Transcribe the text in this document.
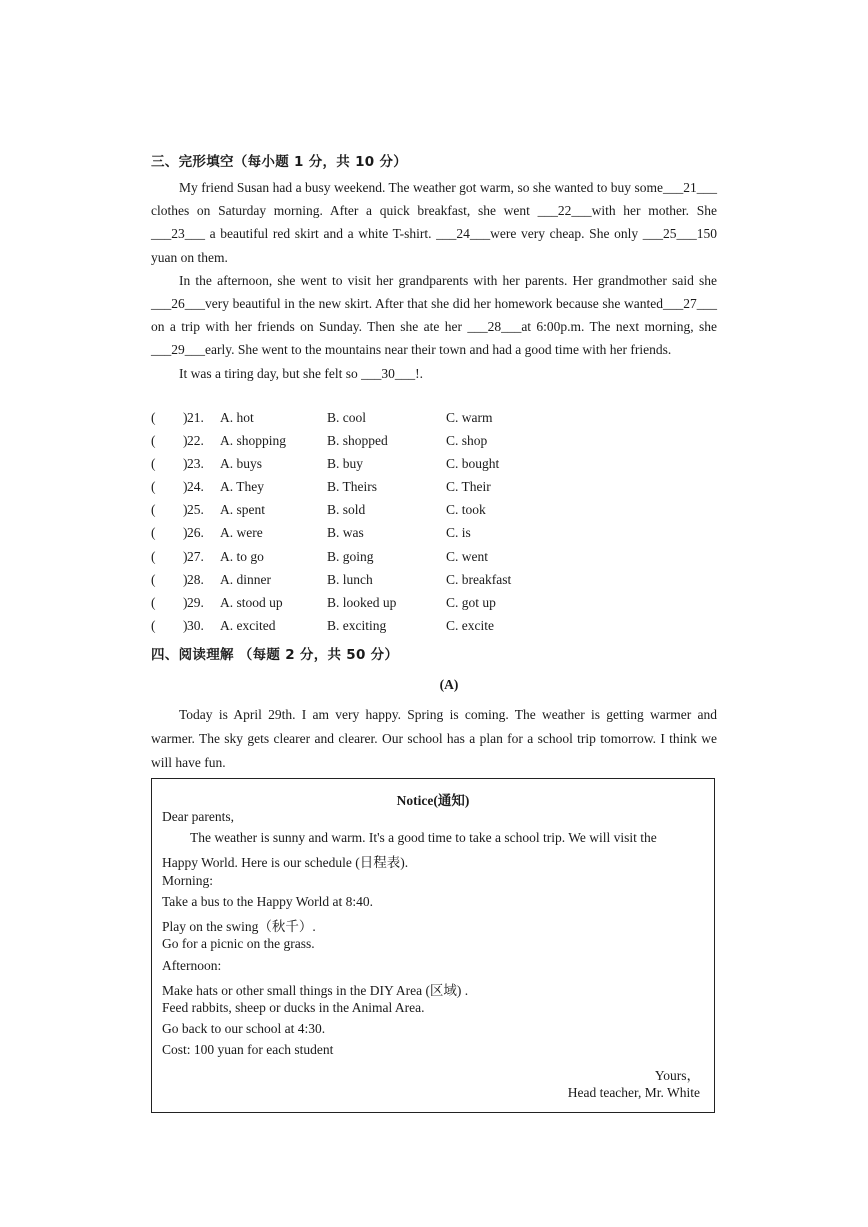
三、完形填空（每小题 1 分，共 10 分）

My friend Susan had a busy weekend. The weather got warm, so she wanted to buy some___21___ clothes on Saturday morning. After a quick breakfast, she went ___22___with her mother. She ___23___ a beautiful red skirt and a white T-shirt. ___24___were very cheap. She only ___25___150 yuan on them.

In the afternoon, she went to visit her grandparents with her parents. Her grandmother said she ___26___very beautiful in the new skirt. After that she did her homework because she wanted___27___ on a trip with her friends on Sunday. Then she ate her ___28___at 6:00p.m. The next morning, she ___29___early. She went to the mountains near their town and had a good time with her friends.

It was a tiring day, but she felt so ___30___!.

( ) 21. A. hot	B. cool	C. warm
( ) 22. A. shopping	B. shopped	C. shop
( ) 23. A. buys	B. buy	C. bought
( ) 24. A. They	B. Theirs	C. Their
( ) 25. A. spent	B. sold	C. took
( ) 26. A. were	B. was	C. is
( ) 27. A. to go	B. going	C. went
( ) 28. A. dinner	B. lunch	C. breakfast
( ) 29. A. stood up	B. looked up	C. got up
( ) 30. A. excited	B. exciting	C. excite
四、阅读理解 （每题 2 分，共 50 分）
(A)

Today is April 29th. I am very happy. Spring is coming. The weather is getting warmer and warmer. The sky gets clearer and clearer. Our school has a plan for a school trip tomorrow. I think we will have fun.

Notice(通知)
Dear parents,
The weather is sunny and warm. It's a good time to take a school trip. We will visit the
Happy World. Here is our schedule (日程表).
Morning:
Take a bus to the Happy World at 8:40.
Play on the swing（秋千）.
Go for a picnic on the grass.
Afternoon:
Make hats or other small things in the DIY Area (区域) .
Feed rabbits, sheep or ducks in the Animal Area.
Go back to our school at 4:30.
Cost: 100 yuan for each student
Yours，
Head teacher, Mr. White
